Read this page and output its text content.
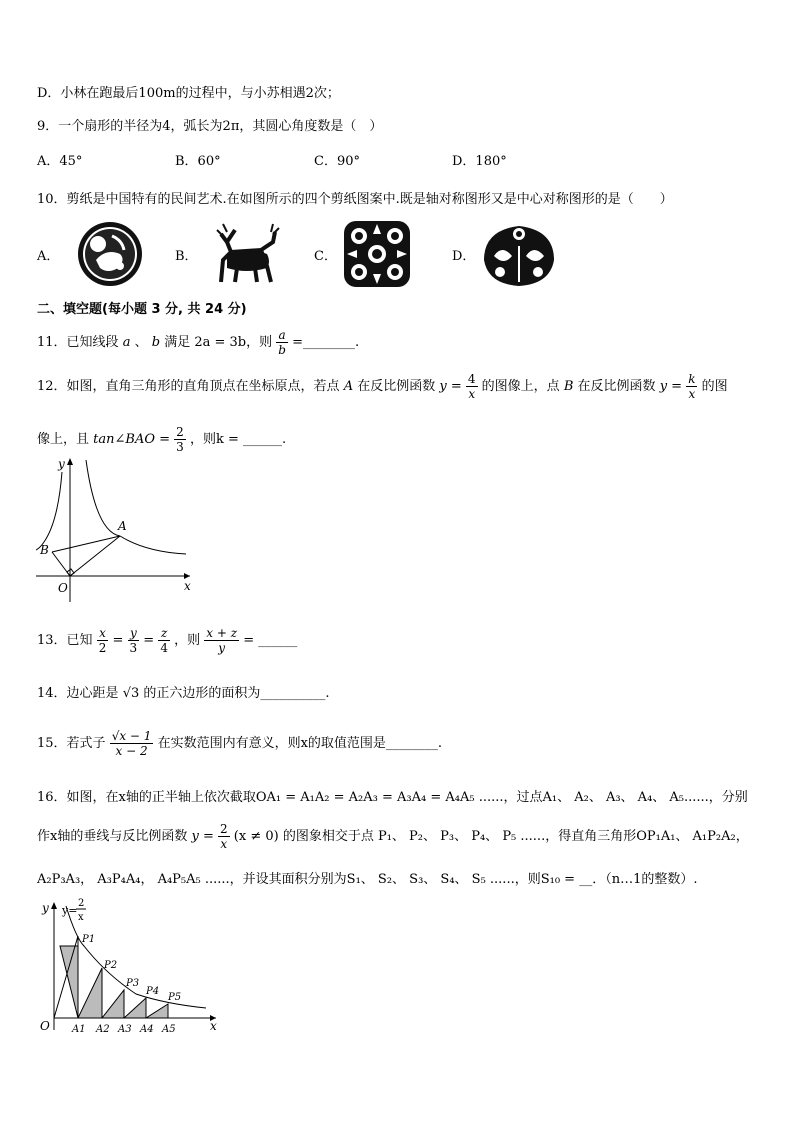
D．小林在跑最后100m的过程中，与小苏相遇2次；
9．一个扇形的半径为4，弧长为2π，其圆心角度数是（　）
A．45°	B．60°	C．90°	D．180°
10．剪纸是中国特有的民间艺术.在如图所示的四个剪纸图案中.既是轴对称图形又是中心对称图形的是（　　）
A．	B．	C．	D．
二、填空题(每小题 3 分, 共 24 分)
11．已知线段 a 、 b 满足 2a = 3b，则 $\frac{a}{b}$ =________.
12．如图，直角三角形的直角顶点在坐标原点，若点 A 在反比例函数 $y = \frac{4}{x}$ 的图像上，点 B 在反比例函数 $y = \frac{k}{x}$ 的图
像上，且 tan∠BAO = $\frac{2}{3}$ ，则k = ______.
y
x
O
A
B
13．已知 $\frac{x}{2} = \frac{y}{3} = \frac{z}{4}$ ，则 $\frac{x + z}{y}$ = ______
14．边心距是 √3 的正六边形的面积为__________.
15．若式子 $\frac{√x - 1}{x - 2}$ 在实数范围内有意义，则x的取值范围是________.
16．如图，在x轴的正半轴上依次截取OA₁ = A₁A₂ = A₂A₃ = A₃A₄ = A₄A₅ ......，过点A₁、 A₂、 A₃、 A₄、 A₅......，分别
作x轴的垂线与反比例函数 $y = \frac{2}{x} (x \ne 0)$ 的图象相交于点 P₁、 P₂、 P₃、 P₄、 P₅ ......，得直角三角形OP₁A₁、 A₁P₂A₂，
A₂P₃A₃， A₃P₄A₄， A₄P₅A₅ ......，并设其面积分别为S₁、 S₂、 S₃、 S₄、 S₅ ......，则S₁₀ = __．（n…1的整数）.
y y=
2
x
O	x
P1
P2
P3
P4
P5
A1 A2 A3 A4 A5
